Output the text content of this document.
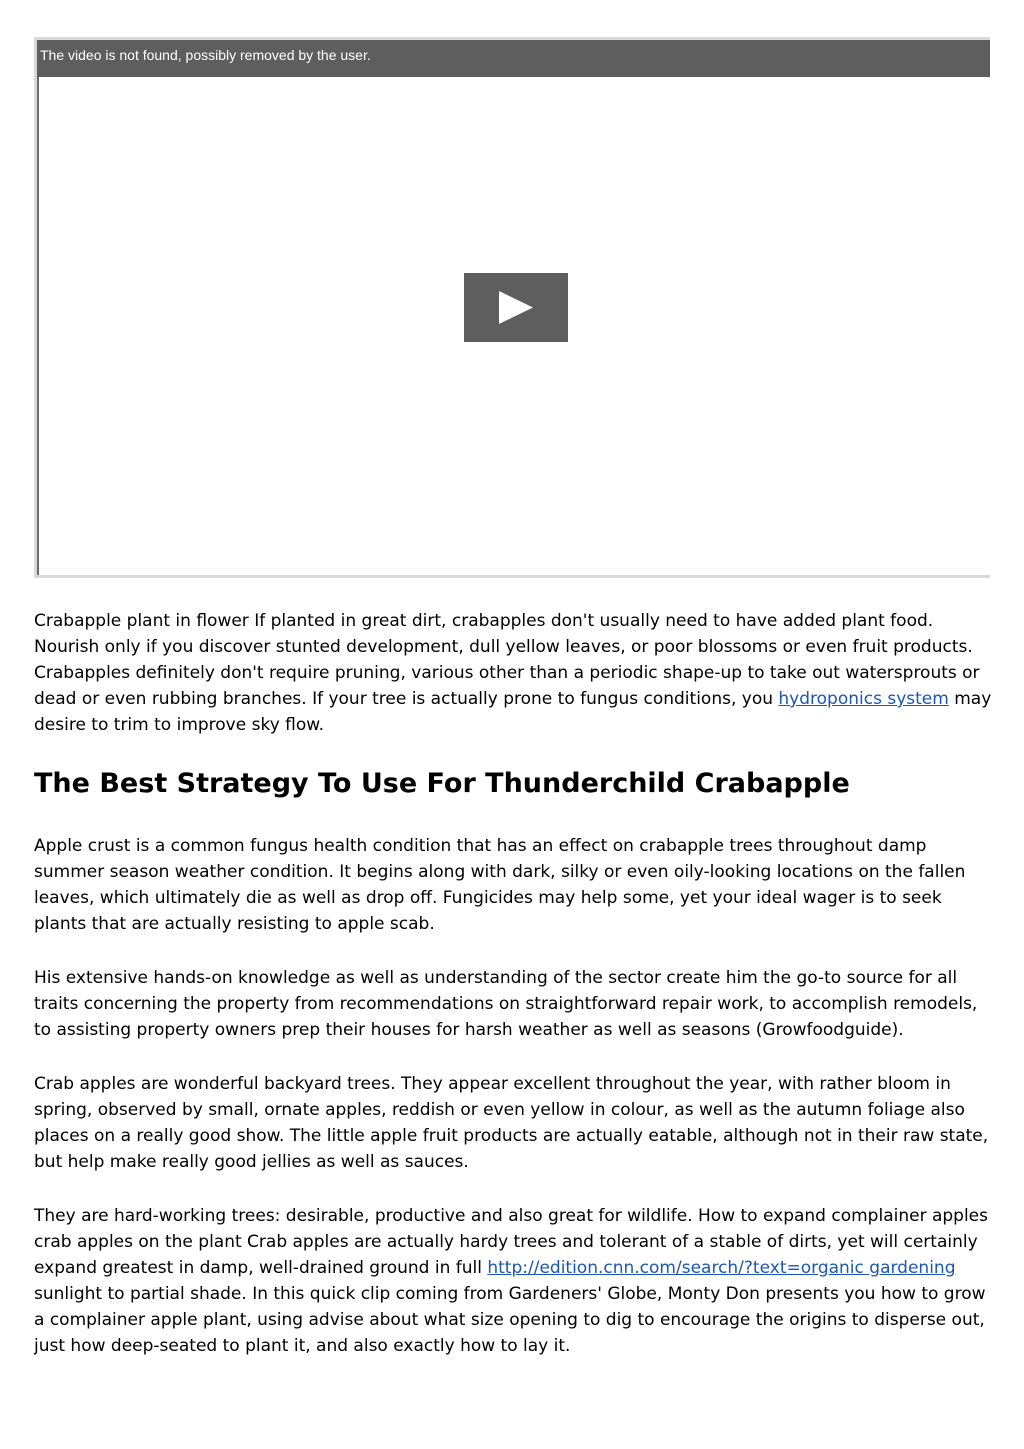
The video is not found, possibly removed by the user.

Crabapple plant in flower If planted in great dirt, crabapples don't usually need to have added plant food. Nourish only if you discover stunted development, dull yellow leaves, or poor blossoms or even fruit products. Crabapples definitely don't require pruning, various other than a periodic shape-up to take out watersprouts or dead or even rubbing branches. If your tree is actually prone to fungus conditions, you hydroponics system may desire to trim to improve sky flow.

The Best Strategy To Use For Thunderchild Crabapple

Apple crust is a common fungus health condition that has an effect on crabapple trees throughout damp summer season weather condition. It begins along with dark, silky or even oily-looking locations on the fallen leaves, which ultimately die as well as drop off. Fungicides may help some, yet your ideal wager is to seek plants that are actually resisting to apple scab.

His extensive hands-on knowledge as well as understanding of the sector create him the go-to source for all traits concerning the property from recommendations on straightforward repair work, to accomplish remodels, to assisting property owners prep their houses for harsh weather as well as seasons (Growfoodguide).

Crab apples are wonderful backyard trees. They appear excellent throughout the year, with rather bloom in spring, observed by small, ornate apples, reddish or even yellow in colour, as well as the autumn foliage also places on a really good show. The little apple fruit products are actually eatable, although not in their raw state, but help make really good jellies as well as sauces.

They are hard-working trees: desirable, productive and also great for wildlife. How to expand complainer apples crab apples on the plant Crab apples are actually hardy trees and tolerant of a stable of dirts, yet will certainly expand greatest in damp, well-drained ground in full http://edition.cnn.com/search/?text=organic gardening sunlight to partial shade. In this quick clip coming from Gardeners' Globe, Monty Don presents you how to grow a complainer apple plant, using advise about what size opening to dig to encourage the origins to disperse out, just how deep-seated to plant it, and also exactly how to lay it.
